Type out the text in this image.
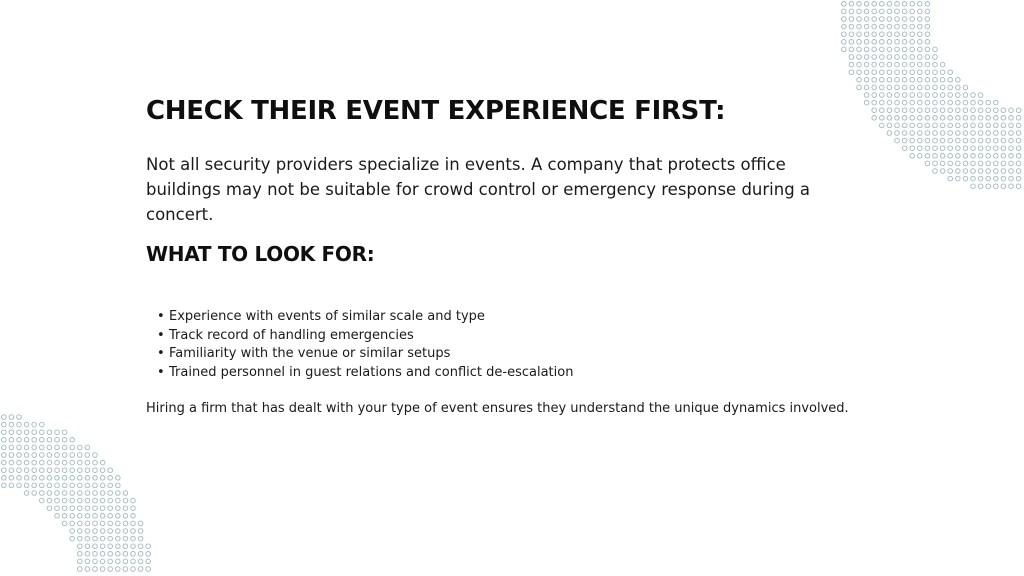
CHECK THEIR EVENT EXPERIENCE FIRST:

Not all security providers specialize in events. A company that protects office buildings may not be suitable for crowd control or emergency response during a concert.

WHAT TO LOOK FOR:
• Experience with events of similar scale and type
• Track record of handling emergencies
• Familiarity with the venue or similar setups
• Trained personnel in guest relations and conflict de-escalation

Hiring a firm that has dealt with your type of event ensures they understand the unique dynamics involved.
